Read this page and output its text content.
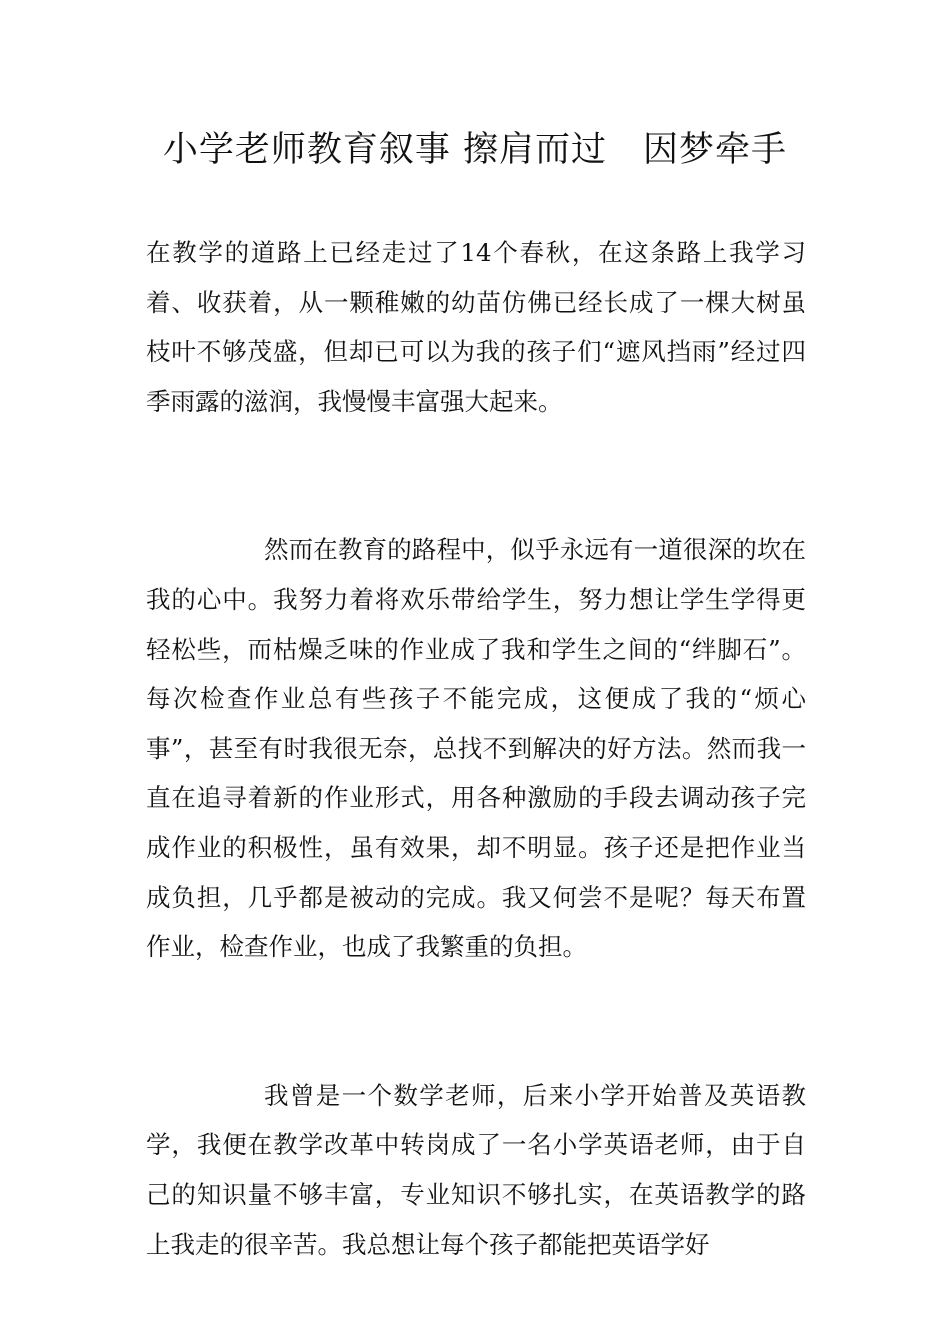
小学老师教育叙事 擦肩而过　因梦牵手

在教学的道路上已经走过了14个春秋，在这条路上我学习着、收获着，从一颗稚嫩的幼苗仿佛已经长成了一棵大树虽枝叶不够茂盛，但却已可以为我的孩子们“遮风挡雨”经过四季雨露的滋润，我慢慢丰富强大起来。

然而在教育的路程中，似乎永远有一道很深的坎在我的心中。我努力着将欢乐带给学生，努力想让学生学得更轻松些，而枯燥乏味的作业成了我和学生之间的“绊脚石”。每次检查作业总有些孩子不能完成，这便成了我的“烦心事”，甚至有时我很无奈，总找不到解决的好方法。然而我一直在追寻着新的作业形式，用各种激励的手段去调动孩子完成作业的积极性，虽有效果，却不明显。孩子还是把作业当成负担，几乎都是被动的完成。我又何尝不是呢？每天布置作业，检查作业，也成了我繁重的负担。

我曾是一个数学老师，后来小学开始普及英语教学，我便在教学改革中转岗成了一名小学英语老师，由于自己的知识量不够丰富，专业知识不够扎实，在英语教学的路上我走的很辛苦。我总想让每个孩子都能把英语学好
